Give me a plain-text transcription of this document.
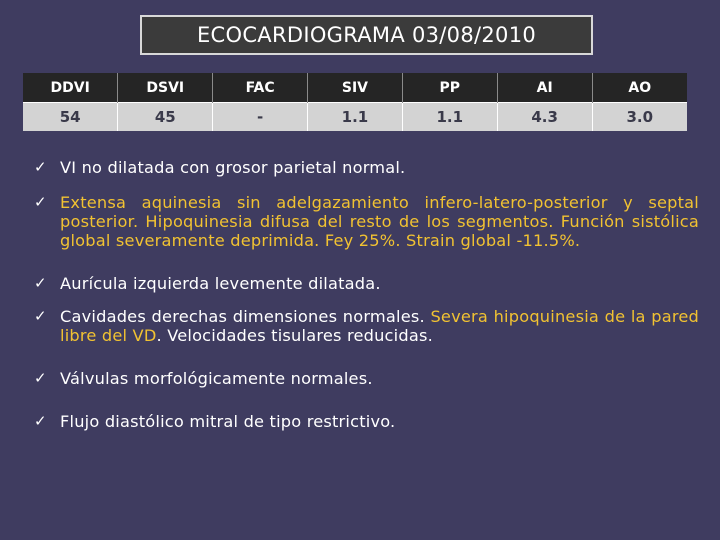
ECOCARDIOGRAMA 03/08/2010
DDVI	DSVI	FAC	SIV	PP	AI	AO
54	45	-	1.1	1.1	4.3	3.0
✓ VI no dilatada con grosor parietal normal.
✓ Extensa aquinesia sin adelgazamiento infero-latero-posterior y septal posterior. Hipoquinesia difusa del resto de los segmentos. Función sistólica global severamente deprimida. Fey 25%. Strain global -11.5%.
✓ Aurícula izquierda levemente dilatada.
✓ Cavidades derechas dimensiones normales. Severa hipoquinesia de la pared libre del VD. Velocidades tisulares reducidas.
✓ Válvulas morfológicamente normales.
✓ Flujo diastólico mitral de tipo restrictivo.
